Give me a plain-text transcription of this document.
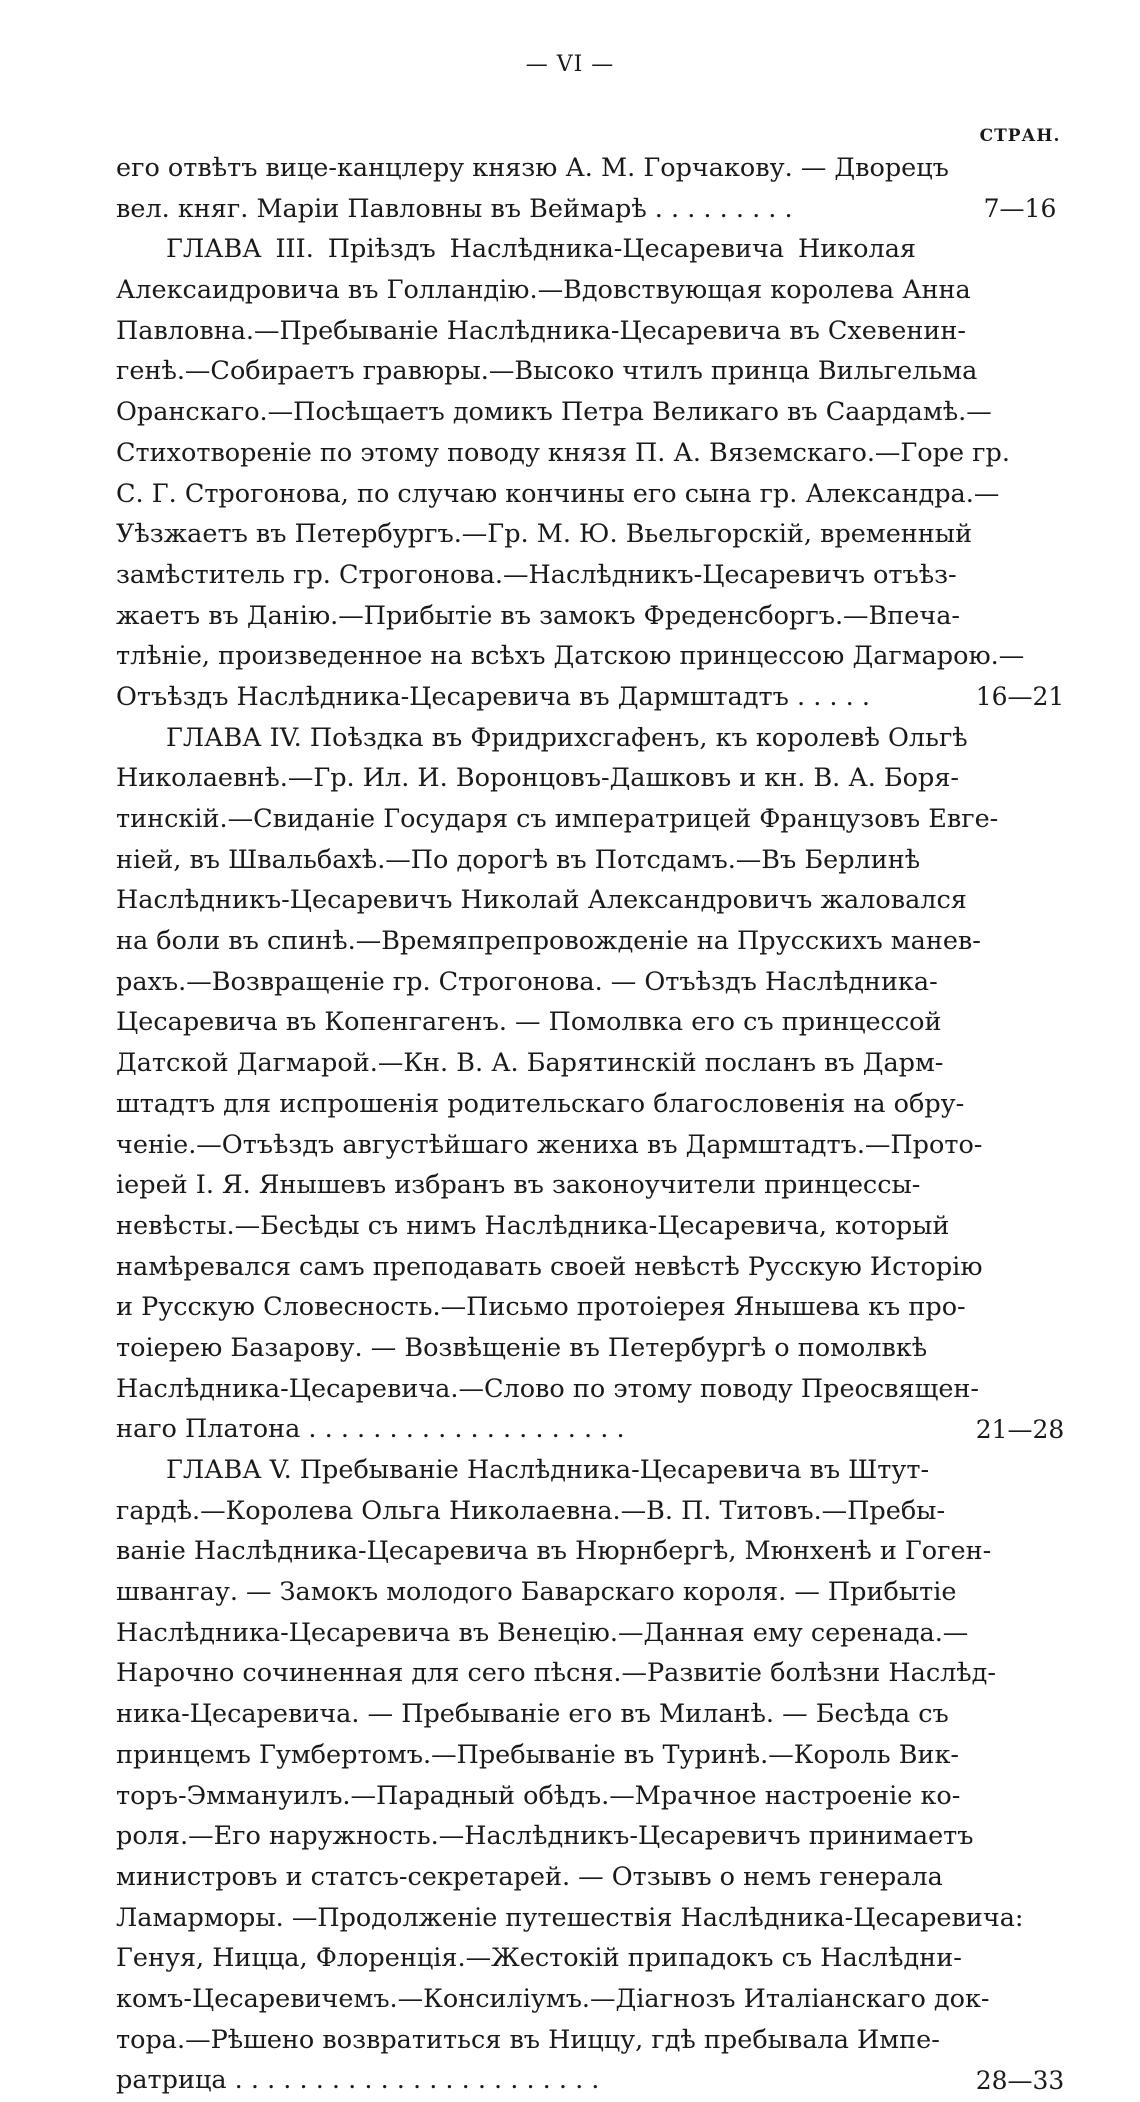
— VI —
СТРАН.
его отвѣтъ вице-канцлеру князю А. М. Горчакову. — Дворецъ
вел. княг. Маріи Павловны въ Веймарѣ . . . . . . . . .
ГЛАВА III. Пріѣздъ Наслѣдника-Цесаревича Николая
Алексаидровича въ Голландію.—Вдовствующая королева Анна
Павловна.—Пребываніе Наслѣдника-Цесаревича въ Схевенин-
генѣ.—Собираетъ гравюры.—Высоко чтилъ принца Вильгельма
Оранскаго.—Посѣщаетъ домикъ Петра Великаго въ Саардамѣ.—
Стихотвореніе по этому поводу князя П. А. Вяземскаго.—Горе гр.
С. Г. Строгонова, по случаю кончины его сына гр. Александра.—
Уѣзжаетъ въ Петербургъ.—Гр. М. Ю. Вьельгорскій, временный
замѣститель гр. Строгонова.—Наслѣдникъ-Цесаревичъ отъѣз-
жаетъ въ Данію.—Прибытіе въ замокъ Фреденсборгъ.—Впеча-
тлѣніе, произведенное на всѣхъ Датскою принцессою Дагмарою.—
Отъѣздъ Наслѣдника-Цесаревича въ Дармштадтъ . . . . .
ГЛАВА IV. Поѣздка въ Фридрихсгафенъ, къ королевѣ Ольгѣ
Николаевнѣ.—Гр. Ил. И. Воронцовъ-Дашковъ и кн. В. А. Боря-
тинскій.—Свиданіе Государя съ императрицей Французовъ Евге-
ніей, въ Швальбахѣ.—По дорогѣ въ Потсдамъ.—Въ Берлинѣ
Наслѣдникъ-Цесаревичъ Николай Александровичъ жаловался
на боли въ спинѣ.—Времяпрепровожденіе на Прусскихъ манев-
рахъ.—Возвращеніе гр. Строгонова. — Отъѣздъ Наслѣдника-
Цесаревича въ Копенгагенъ. — Помолвка его съ принцессой
Датской Дагмарой.—Кн. В. А. Барятинскій посланъ въ Дарм-
штадтъ для испрошенія родительскаго благословенія на обру-
ченіе.—Отъѣздъ августѣйшаго жениха въ Дармштадтъ.—Прото-
іерей І. Я. Янышевъ избранъ въ законоучители принцессы-
невѣсты.—Бесѣды съ нимъ Наслѣдника-Цесаревича, который
намѣревался самъ преподавать своей невѣстѣ Русскую Исторію
и Русскую Словесность.—Письмо протоіерея Янышева къ про-
тоіерею Базарову. — Возвѣщеніе въ Петербургѣ о помолвкѣ
Наслѣдника-Цесаревича.—Слово по этому поводу Преосвящен-
наго Платона . . . . . . . . . . . . . . . . . . . .
ГЛАВА V. Пребываніе Наслѣдника-Цесаревича въ Штут-
гардѣ.—Королева Ольга Николаевна.—В. П. Титовъ.—Пребы-
ваніе Наслѣдника-Цесаревича въ Нюрнбергѣ, Мюнхенѣ и Гоген-
швангау. — Замокъ молодого Баварскаго короля. — Прибытіе
Наслѣдника-Цесаревича въ Венецію.—Данная ему серенада.—
Нарочно сочиненная для сего пѣсня.—Развитіе болѣзни Наслѣд-
ника-Цесаревича. — Пребываніе его въ Миланѣ. — Бесѣда съ
принцемъ Гумбертомъ.—Пребываніе въ Туринѣ.—Король Вик-
торъ-Эммануилъ.—Парадный обѣдъ.—Мрачное настроеніе ко-
роля.—Его наружность.—Наслѣдникъ-Цесаревичъ принимаетъ
министровъ и статсъ-секретарей. — Отзывъ о немъ генерала
Ламарморы. —Продолженіе путешествія Наслѣдника-Цесаревича:
Генуя, Ницца, Флоренція.—Жестокій припадокъ съ Наслѣдни-
комъ-Цесаревичемъ.—Консиліумъ.—Діагнозъ Италіанскаго док-
тора.—Рѣшено возвратиться въ Ниццу, гдѣ пребывала Импе-
ратрица . . . . . . . . . . . . . . . . . . . . . . .
7—16
16—21
21—28
28—33
